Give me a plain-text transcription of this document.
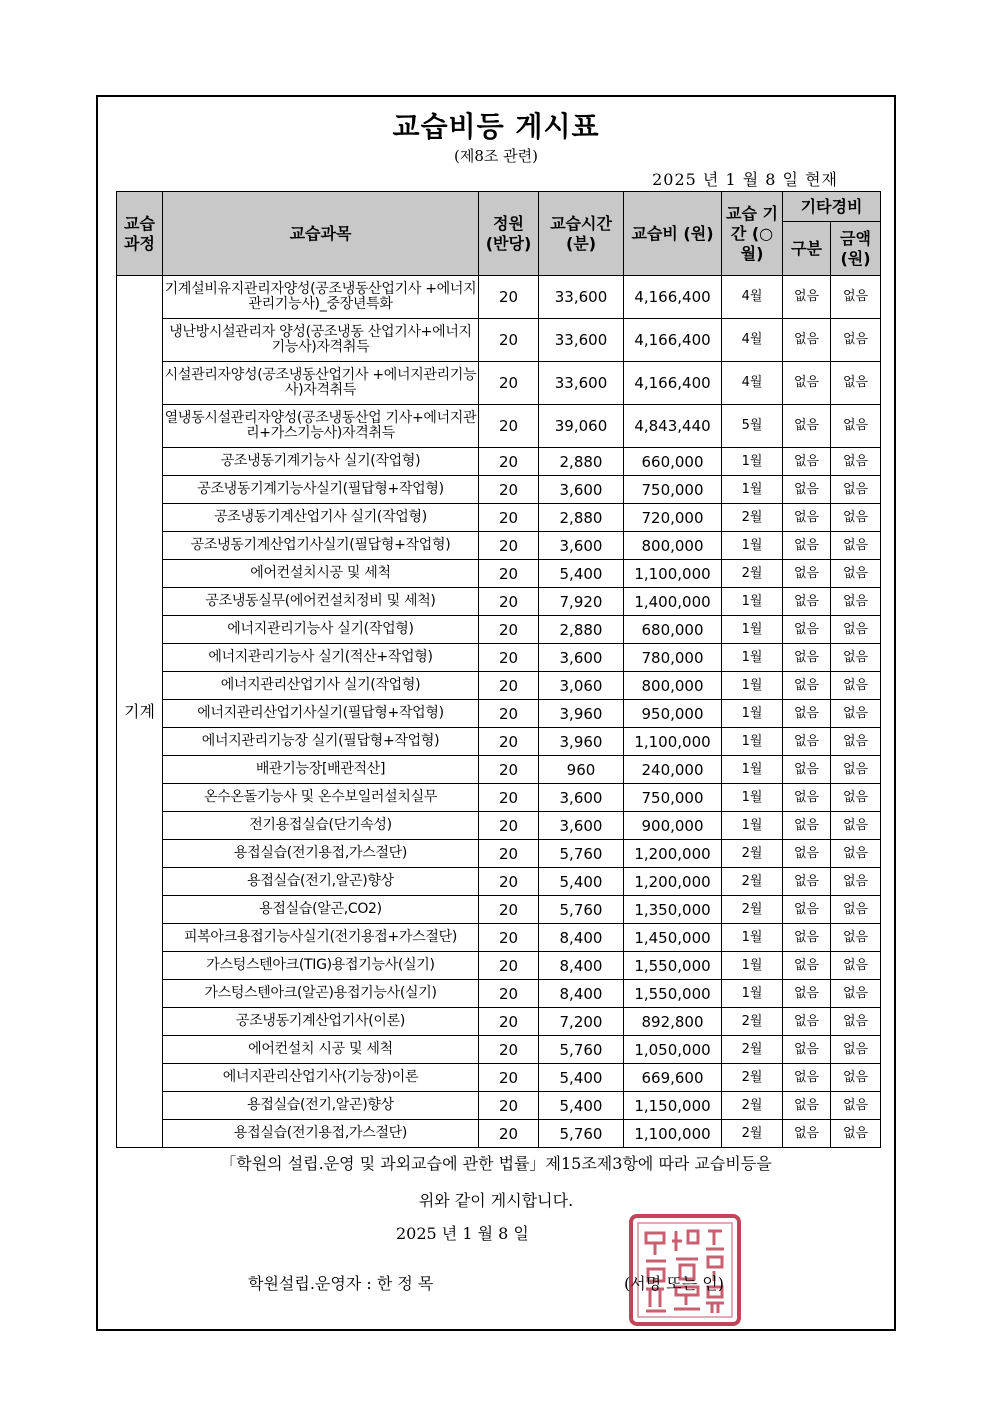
교습비등 게시표
(제8조 관련)
2025 년 1 월 8 일 현재
교습 과정	교습과목	정원 (반당)	교습시간 (분)	교습비 (원)	교습 기간 (○월)	기타경비	
						구분	금액 (원)
기계	기계설비유지관리자양성(공조냉동산업기사 +에너지관리기능사)_중장년특화	20	33,600	4,166,400	4월	없음	없음
	냉난방시설관리자 양성(공조냉동 산업기사+에너지기능사)자격취득	20	33,600	4,166,400	4월	없음	없음
	시설관리자양성(공조냉동산업기사 +에너지관리기능사)자격취득	20	33,600	4,166,400	4월	없음	없음
	열냉동시설관리자양성(공조냉동산업 기사+에너지관리+가스기능사)자격취득	20	39,060	4,843,440	5월	없음	없음
	공조냉동기계기능사 실기(작업형)	20	2,880	660,000	1월	없음	없음
	공조냉동기계기능사실기(필답형+작업형)	20	3,600	750,000	1월	없음	없음
	공조냉동기계산업기사 실기(작업형)	20	2,880	720,000	2월	없음	없음
	공조냉동기계산업기사실기(필답형+작업형)	20	3,600	800,000	1월	없음	없음
	에어컨설치시공 및 세척	20	5,400	1,100,000	2월	없음	없음
	공조냉동실무(에어컨설치정비 및 세척)	20	7,920	1,400,000	1월	없음	없음
	에너지관리기능사 실기(작업형)	20	2,880	680,000	1월	없음	없음
	에너지관리기능사 실기(적산+작업형)	20	3,600	780,000	1월	없음	없음
	에너지관리산업기사 실기(작업형)	20	3,060	800,000	1월	없음	없음
	에너지관리산업기사실기(필답형+작업형)	20	3,960	950,000	1월	없음	없음
	에너지관리기능장 실기(필답형+작업형)	20	3,960	1,100,000	1월	없음	없음
	배관기능장[배관적산]	20	960	240,000	1월	없음	없음
	온수온돌기능사 및 온수보일러설치실무	20	3,600	750,000	1월	없음	없음
	전기용접실습(단기속성)	20	3,600	900,000	1월	없음	없음
	용접실습(전기용접,가스절단)	20	5,760	1,200,000	2월	없음	없음
	용접실습(전기,알곤)향상	20	5,400	1,200,000	2월	없음	없음
	용접실습(알곤,CO2)	20	5,760	1,350,000	2월	없음	없음
	피복아크용접기능사실기(전기용접+가스절단)	20	8,400	1,450,000	1월	없음	없음
	가스텅스텐아크(TIG)용접기능사(실기)	20	8,400	1,550,000	1월	없음	없음
	가스텅스텐아크(알곤)용접기능사(실기)	20	8,400	1,550,000	1월	없음	없음
	공조냉동기계산업기사(이론)	20	7,200	892,800	2월	없음	없음
	에어컨설치 시공 및 세척	20	5,760	1,050,000	2월	없음	없음
	에너지관리산업기사(기능장)이론	20	5,400	669,600	2월	없음	없음
	용접실습(전기,알곤)향상	20	5,400	1,150,000	2월	없음	없음
	용접실습(전기용접,가스절단)	20	5,760	1,100,000	2월	없음	없음
「학원의 설립.운영 및 과외교습에 관한 법률」제15조제3항에 따라 교습비등을
위와 같이 게시합니다.
2025 년 1 월 8 일
학원설립.운영자 : 한 정 목	(서명 또는 인)
